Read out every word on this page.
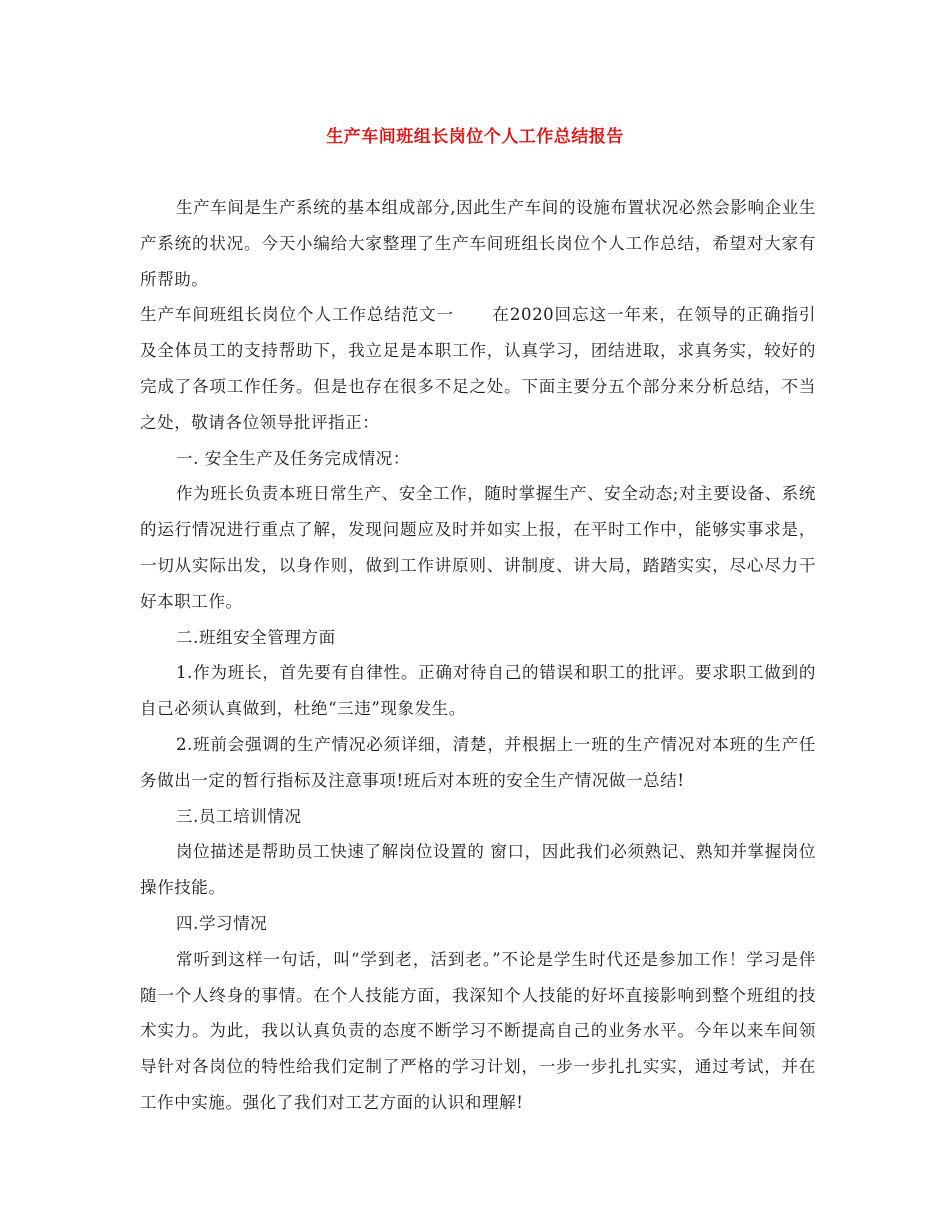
生产车间班组长岗位个人工作总结报告

生产车间是生产系统的基本组成部分,因此生产车间的设施布置状况必然会影响企业生产系统的状况。今天小编给大家整理了生产车间班组长岗位个人工作总结，希望对大家有所帮助。

生产车间班组长岗位个人工作总结范文一 在2020回忘这一年来，在领导的正确指引及全体员工的支持帮助下，我立足是本职工作，认真学习，团结进取，求真务实，较好的完成了各项工作任务。但是也存在很多不足之处。下面主要分五个部分来分析总结，不当之处，敬请各位领导批评指正：

一. 安全生产及任务完成情况：

作为班长负责本班日常生产、安全工作，随时掌握生产、安全动态;对主要设备、系统的运行情况进行重点了解，发现问题应及时并如实上报，在平时工作中，能够实事求是，一切从实际出发，以身作则，做到工作讲原则、讲制度、讲大局，踏踏实实，尽心尽力干好本职工作。

二.班组安全管理方面

1.作为班长，首先要有自律性。正确对待自己的错误和职工的批评。要求职工做到的自己必须认真做到，杜绝“三违”现象发生。

2.班前会强调的生产情况必须详细，清楚，并根据上一班的生产情况对本班的生产任务做出一定的暂行指标及注意事项!班后对本班的安全生产情况做一总结!

三.员工培训情况

岗位描述是帮助员工快速了解岗位设置的 窗口，因此我们必须熟记、熟知并掌握岗位操作技能。

四.学习情况

常听到这样一句话，叫“学到老，活到老。”不论是学生时代还是参加工作！学习是伴随一个人终身的事情。在个人技能方面，我深知个人技能的好坏直接影响到整个班组的技术实力。为此，我以认真负责的态度不断学习不断提高自己的业务水平。今年以来车间领导针对各岗位的特性给我们定制了严格的学习计划，一步一步扎扎实实，通过考试，并在工作中实施。强化了我们对工艺方面的认识和理解!
